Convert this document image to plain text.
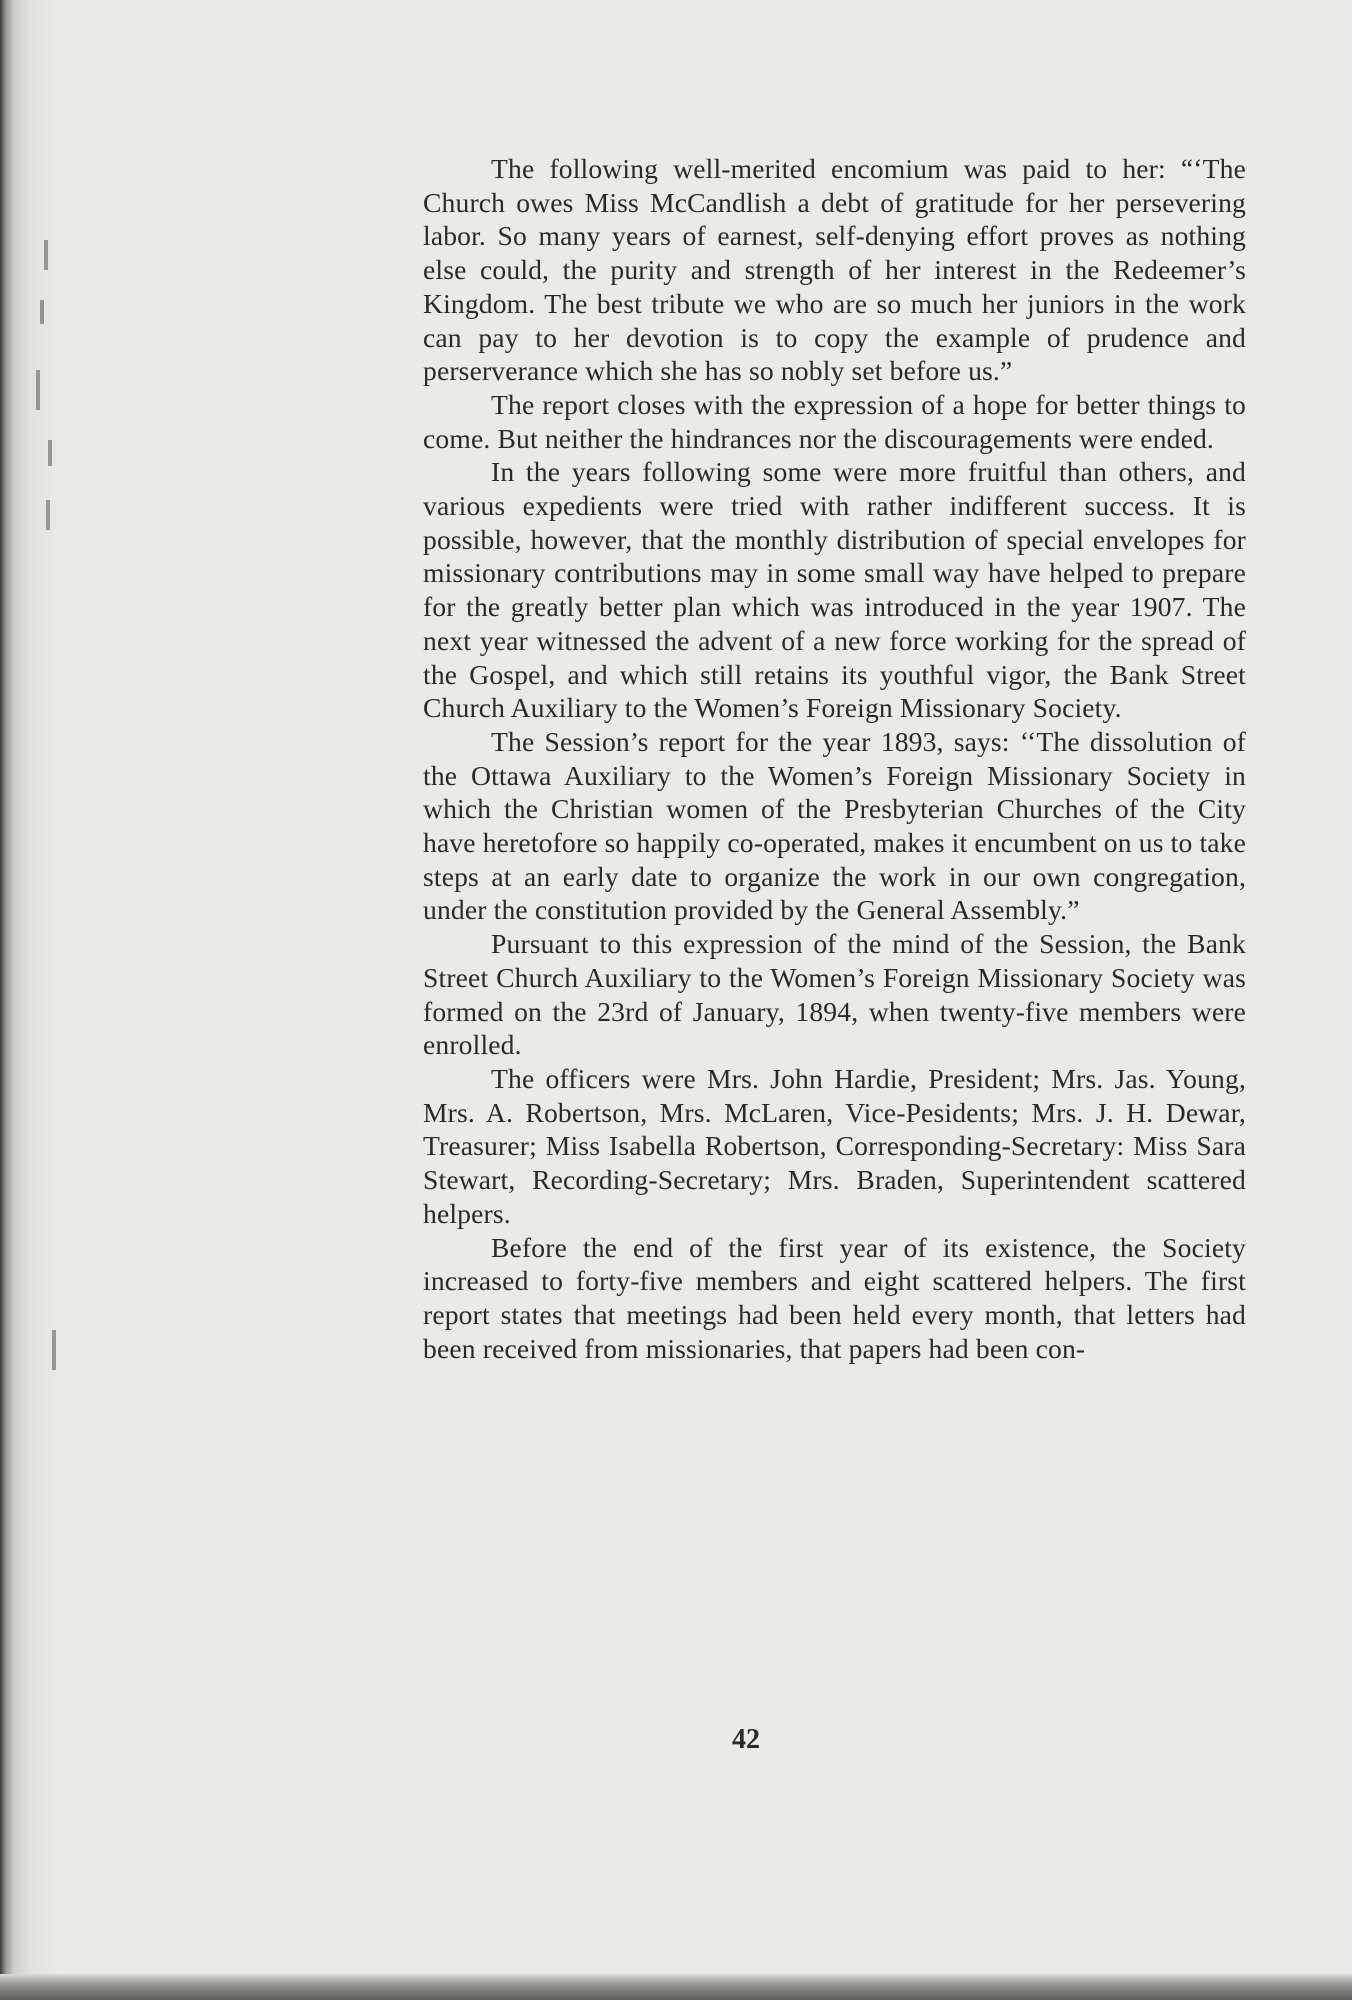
The following well-merited encomium was paid to her: “‘The Church owes Miss McCandlish a debt of gratitude for her persevering labor. So many years of earnest, self-denying effort proves as nothing else could, the purity and strength of her interest in the Redeemer’s Kingdom. The best tribute we who are so much her juniors in the work can pay to her devotion is to copy the example of prudence and perserverance which she has so nobly set before us.”

The report closes with the expression of a hope for better things to come. But neither the hindrances nor the discouragements were ended.

In the years following some were more fruitful than others, and various expedients were tried with rather indifferent success. It is possible, however, that the monthly distribution of special envelopes for missionary contributions may in some small way have helped to prepare for the greatly better plan which was introduced in the year 1907. The next year witnessed the advent of a new force working for the spread of the Gospel, and which still retains its youthful vigor, the Bank Street Church Auxiliary to the Women’s Foreign Missionary Society.

The Session’s report for the year 1893, says: ‘‘The dissolution of the Ottawa Auxiliary to the Women’s Foreign Missionary Society in which the Christian women of the Presbyterian Churches of the City have heretofore so happily co-operated, makes it encumbent on us to take steps at an early date to organize the work in our own congregation, under the constitution provided by the General Assembly.”

Pursuant to this expression of the mind of the Session, the Bank Street Church Auxiliary to the Women’s Foreign Missionary Society was formed on the 23rd of January, 1894, when twenty-five members were enrolled.

The officers were Mrs. John Hardie, President; Mrs. Jas. Young, Mrs. A. Robertson, Mrs. McLaren, Vice-Pesidents; Mrs. J. H. Dewar, Treasurer; Miss Isabella Robertson, Corresponding-Secretary: Miss Sara Stewart, Recording-Secretary; Mrs. Braden, Superintendent scattered helpers.

Before the end of the first year of its existence, the Society increased to forty-five members and eight scattered helpers. The first report states that meetings had been held every month, that letters had been received from missionaries, that papers had been con-

42
